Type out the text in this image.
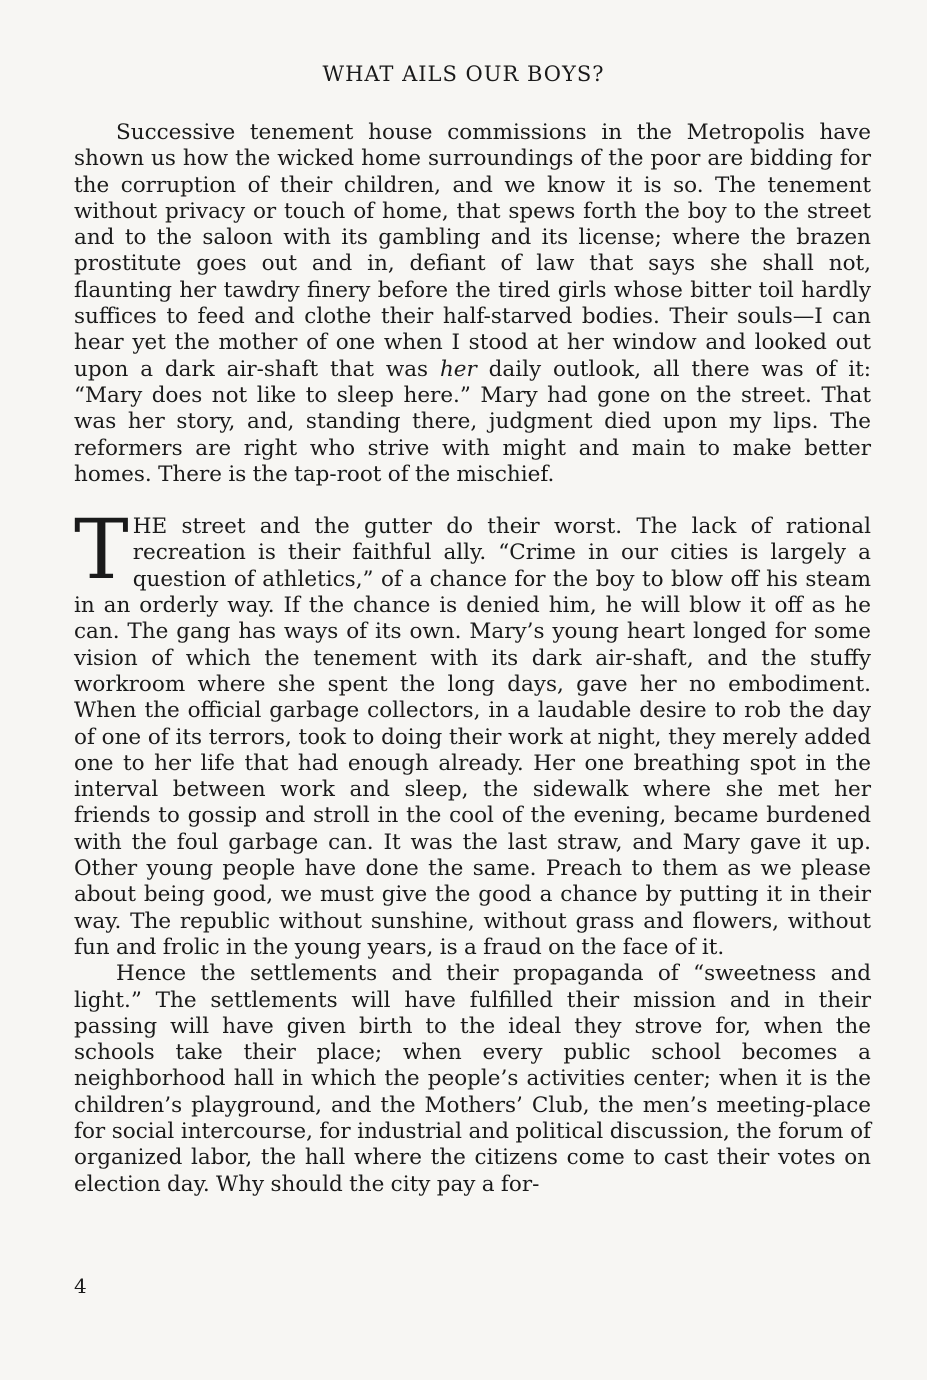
WHAT AILS OUR BOYS?

Successive tenement house commissions in the Metropolis have shown us how the wicked home surroundings of the poor are bidding for the corruption of their children, and we know it is so. The tenement without privacy or touch of home, that spews forth the boy to the street and to the saloon with its gambling and its license; where the brazen prostitute goes out and in, defiant of law that says she shall not, flaunting her tawdry finery before the tired girls whose bitter toil hardly suffices to feed and clothe their half-starved bodies. Their souls—I can hear yet the mother of one when I stood at her window and looked out upon a dark air-shaft that was her daily outlook, all there was of it: “Mary does not like to sleep here.” Mary had gone on the street. That was her story, and, standing there, judgment died upon my lips. The reformers are right who strive with might and main to make better homes. There is the tap-root of the mischief.

THE street and the gutter do their worst. The lack of rational recreation is their faithful ally. “Crime in our cities is largely a question of athletics,” of a chance for the boy to blow off his steam in an orderly way. If the chance is denied him, he will blow it off as he can. The gang has ways of its own. Mary’s young heart longed for some vision of which the tenement with its dark air-shaft, and the stuffy workroom where she spent the long days, gave her no embodiment. When the official garbage collectors, in a laudable desire to rob the day of one of its terrors, took to doing their work at night, they merely added one to her life that had enough already. Her one breathing spot in the interval between work and sleep, the sidewalk where she met her friends to gossip and stroll in the cool of the evening, became burdened with the foul garbage can. It was the last straw, and Mary gave it up. Other young people have done the same. Preach to them as we please about being good, we must give the good a chance by putting it in their way. The republic without sunshine, without grass and flowers, without fun and frolic in the young years, is a fraud on the face of it.

Hence the settlements and their propaganda of “sweetness and light.” The settlements will have fulfilled their mission and in their passing will have given birth to the ideal they strove for, when the schools take their place; when every public school becomes a neighborhood hall in which the people’s activities center; when it is the children’s playground, and the Mothers’ Club, the men’s meeting-place for social intercourse, for industrial and political discussion, the forum of organized labor, the hall where the citizens come to cast their votes on election day. Why should the city pay a for-

4
